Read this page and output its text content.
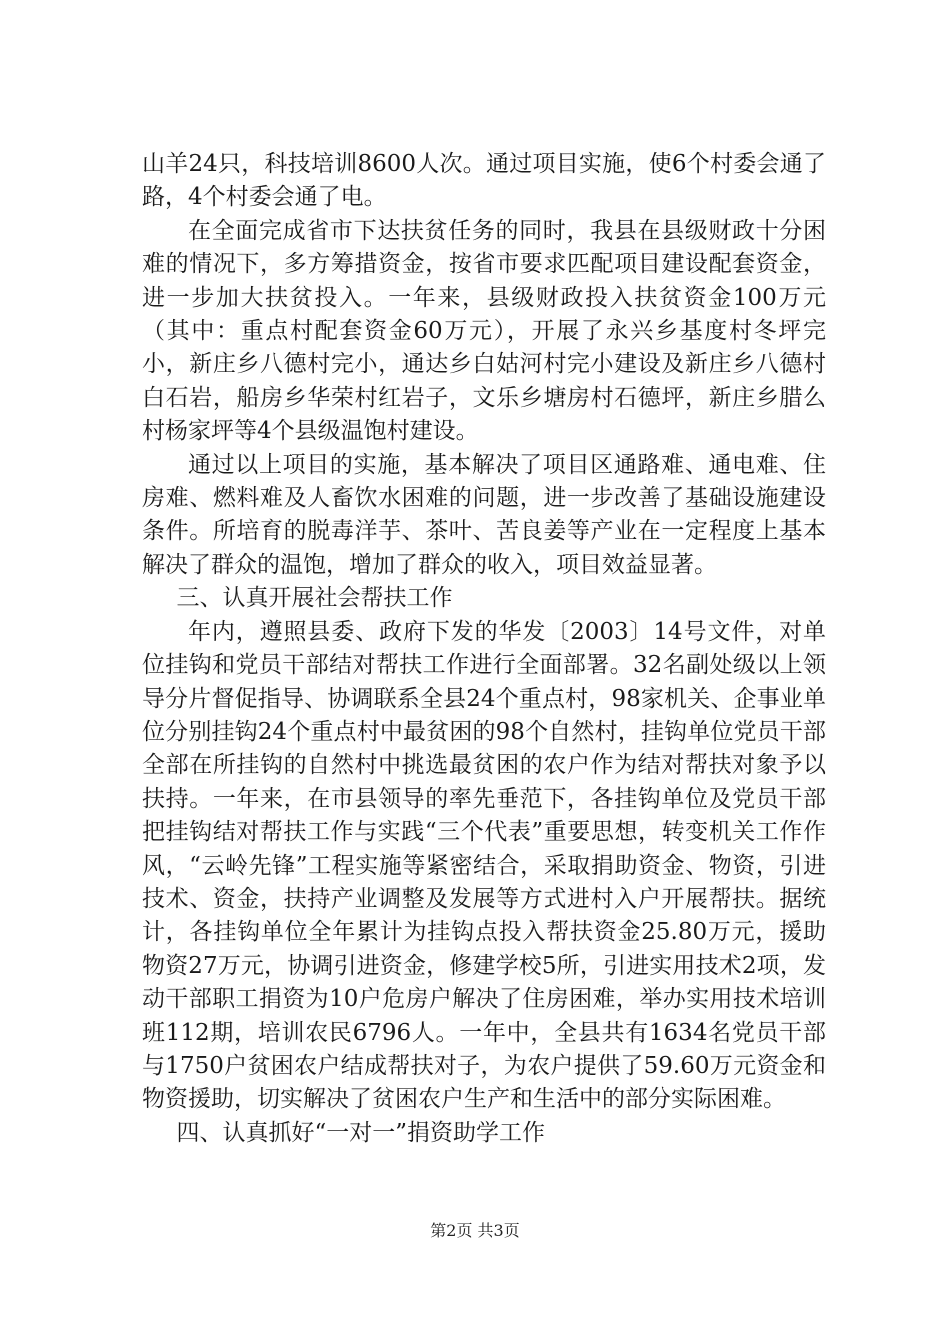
山羊24只，科技培训8600人次。通过项目实施，使6个村委会通了路，4个村委会通了电。

在全面完成省市下达扶贫任务的同时，我县在县级财政十分困难的情况下，多方筹措资金，按省市要求匹配项目建设配套资金，进一步加大扶贫投入。一年来，县级财政投入扶贫资金100万元（其中：重点村配套资金60万元），开展了永兴乡基度村冬坪完小，新庄乡八德村完小，通达乡白姑河村完小建设及新庄乡八德村白石岩，船房乡华荣村红岩子，文乐乡塘房村石德坪，新庄乡腊么村杨家坪等4个县级温饱村建设。

通过以上项目的实施，基本解决了项目区通路难、通电难、住房难、燃料难及人畜饮水困难的问题，进一步改善了基础设施建设条件。所培育的脱毒洋芋、茶叶、苦良姜等产业在一定程度上基本解决了群众的温饱，增加了群众的收入，项目效益显著。

三、认真开展社会帮扶工作

年内，遵照县委、政府下发的华发〔2003〕14号文件，对单位挂钩和党员干部结对帮扶工作进行全面部署。32名副处级以上领导分片督促指导、协调联系全县24个重点村，98家机关、企事业单位分别挂钩24个重点村中最贫困的98个自然村，挂钩单位党员干部全部在所挂钩的自然村中挑选最贫困的农户作为结对帮扶对象予以扶持。一年来，在市县领导的率先垂范下，各挂钩单位及党员干部把挂钩结对帮扶工作与实践“三个代表”重要思想，转变机关工作作风，“云岭先锋”工程实施等紧密结合，采取捐助资金、物资，引进技术、资金，扶持产业调整及发展等方式进村入户开展帮扶。据统计，各挂钩单位全年累计为挂钩点投入帮扶资金25.80万元，援助物资27万元，协调引进资金，修建学校5所，引进实用技术2项，发动干部职工捐资为10户危房户解决了住房困难，举办实用技术培训班112期，培训农民6796人。一年中，全县共有1634名党员干部与1750户贫困农户结成帮扶对子，为农户提供了59.60万元资金和物资援助，切实解决了贫困农户生产和生活中的部分实际困难。

四、认真抓好“一对一”捐资助学工作

第2页 共3页
